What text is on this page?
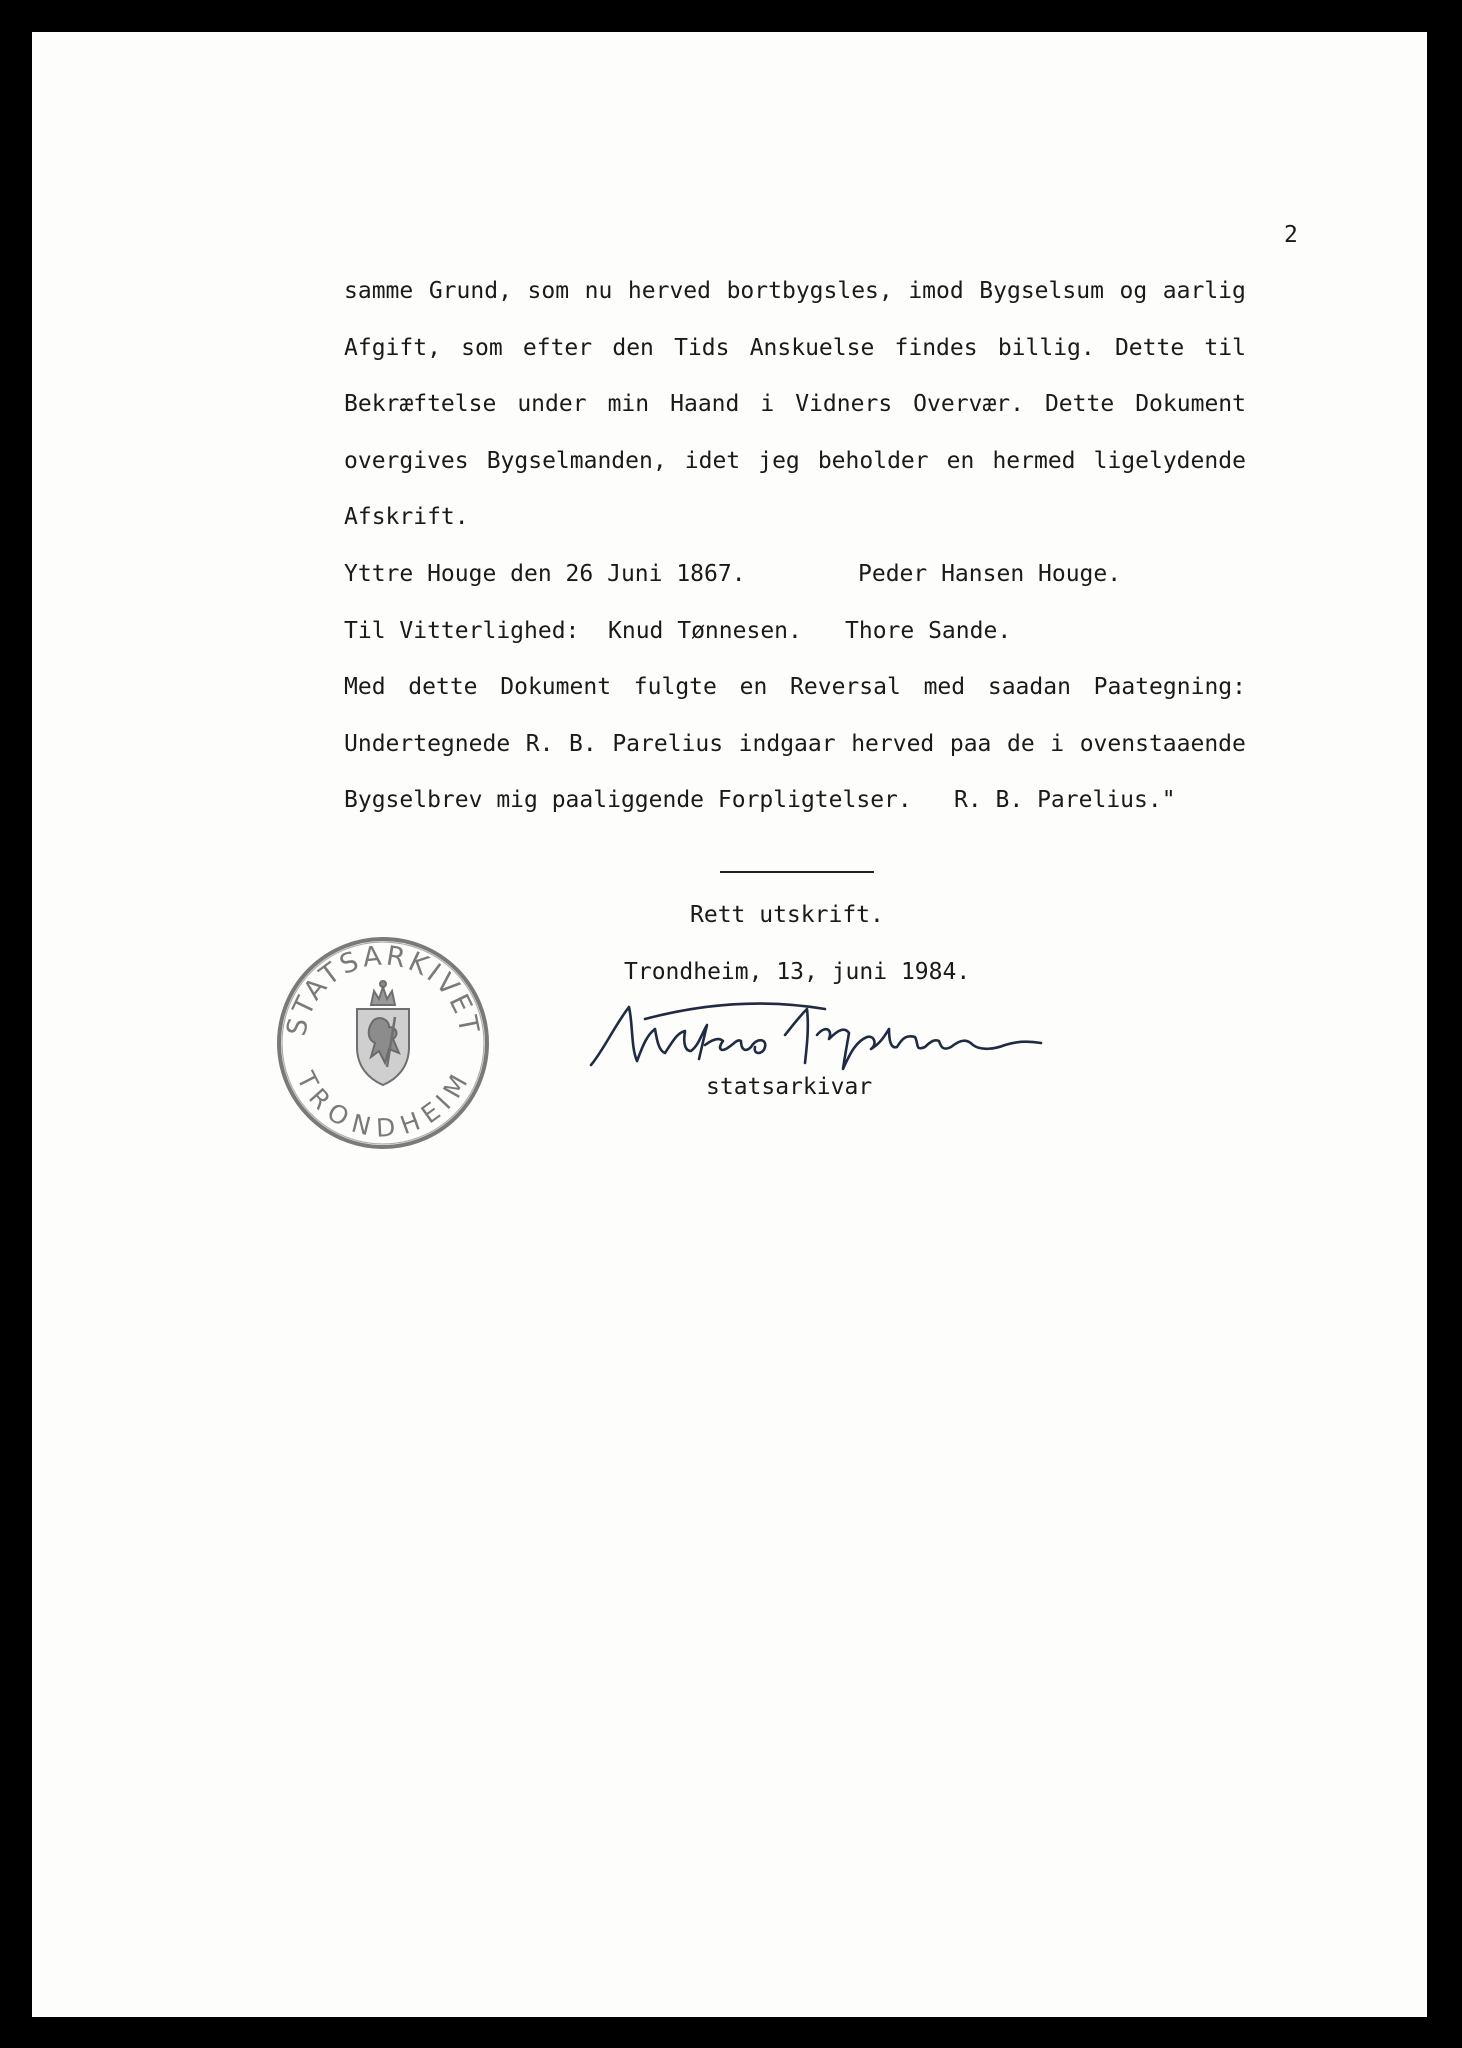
2
samme Grund, som nu herved bortbygsles, imod Bygselsum og aarlig
Afgift, som efter den Tids Anskuelse findes billig. Dette til
Bekræftelse under min Haand i Vidners Overvær. Dette Dokument
overgives Bygselmanden, idet jeg beholder en hermed ligelydende
Afskrift.
Yttre Houge den 26 Juni 1867.	Peder Hansen Houge.
Til Vitterlighed: Knud Tønnesen. Thore Sande.
Med dette Dokument fulgte en Reversal med saadan Paategning:
Undertegnede R. B. Parelius indgaar herved paa de i ovenstaaende
Bygselbrev mig paaliggende Forpligtelser. R. B. Parelius."
Rett utskrift.
Trondheim, 13, juni 1984.
statsarkivar
STATSARKIVET
TRONDHEIM
